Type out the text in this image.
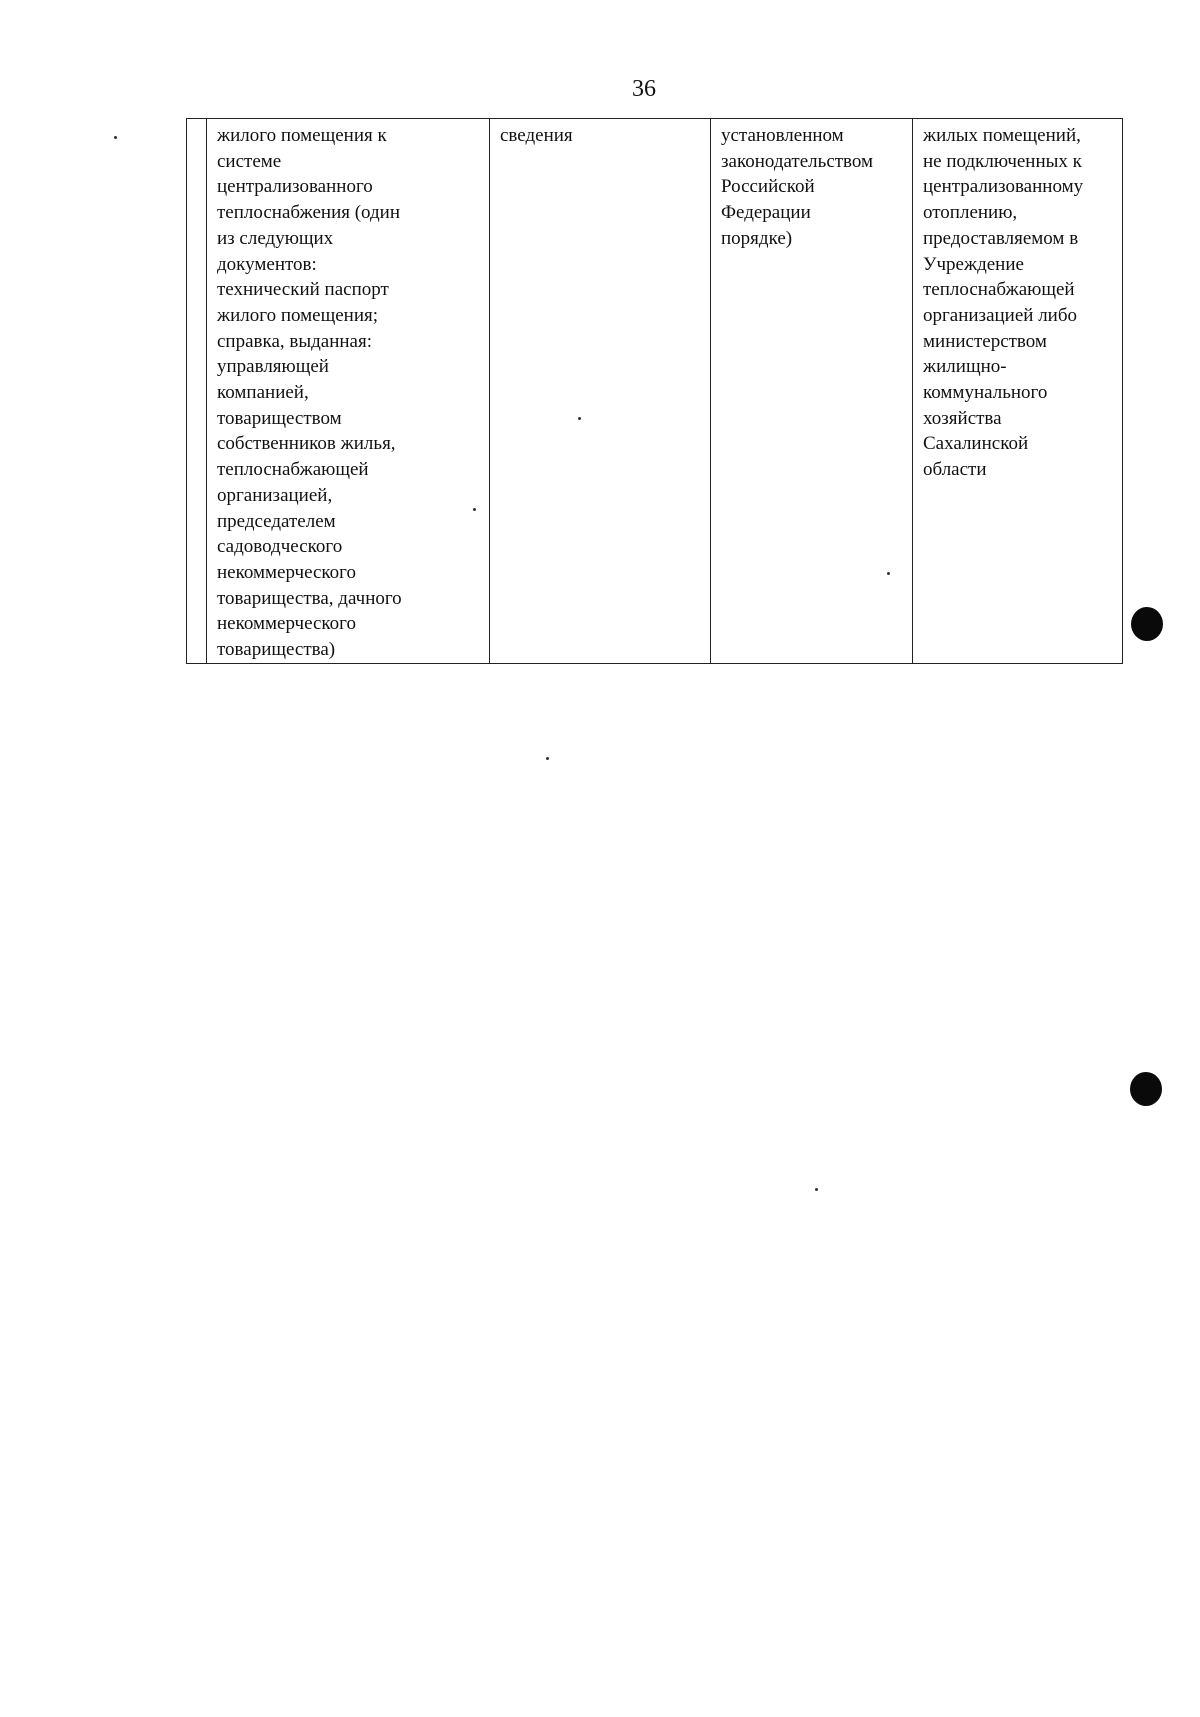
36
	жилого помещения к
системе
централизованного
теплоснабжения (один
из следующих
документов:
технический паспорт
жилого помещения;
справка, выданная:
управляющей
компанией,
товариществом
собственников жилья,
теплоснабжающей
организацией,
председателем
садоводческого
некоммерческого
товарищества, дачного
некоммерческого
товарищества)	сведения	установленном
законодательством
Российской
Федерации
порядке)	жилых помещений,
не подключенных к
централизованному
отоплению,
предоставляемом в
Учреждение
теплоснабжающей
организацией либо
министерством
жилищно-
коммунального
хозяйства
Сахалинской
области
